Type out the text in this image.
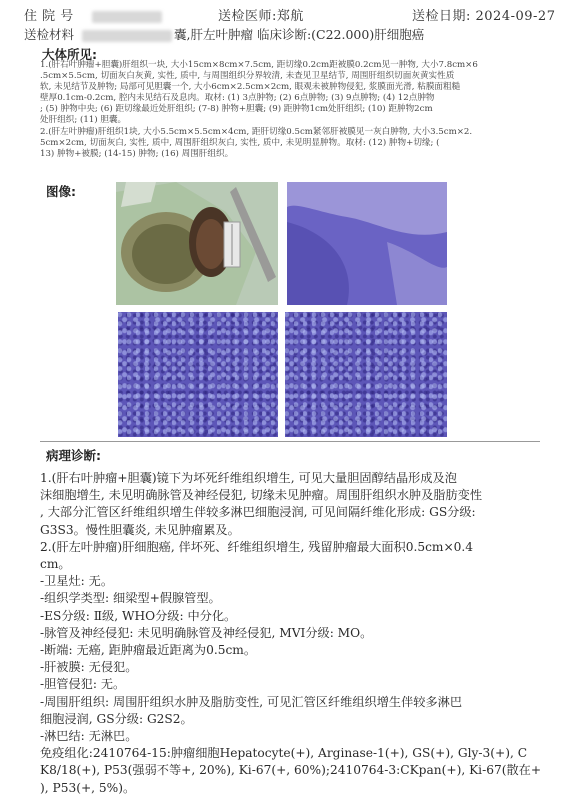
住 院 号	送检医师:郑航	送检日期: 2024-09-27
送检材料	囊,肝左叶肿瘤 临床诊断:(C22.000)肝细胞癌
大体所见:

1.(肝右叶肿瘤+胆囊)肝组织一块, 大小15cm×8cm×7.5cm, 距切缘0.2cm距被膜0.2cm见一肿物, 大小7.8cm×6

.5cm×5.5cm, 切面灰白灰黄, 实性, 质中, 与周围组织分界较清, 未查见卫星结节, 周围肝组织切面灰黄实性质

软, 未见结节及肿物; 局部可见胆囊一个, 大小6cm×2.5cm×2cm, 眼观未被肿物侵犯, 浆膜面光滑, 粘膜面粗糙

壁厚0.1cm-0.2cm, 腔内未见结石及息肉。取材: (1) 3点肿物; (2) 6点肿物; (3) 9点肿物; (4) 12点肿物

; (5) 肿物中央; (6) 距切缘最近处肝组织; (7-8) 肿物+胆囊; (9) 距肿物1cm处肝组织; (10) 距肿物2cm

处肝组织; (11) 胆囊。

2.(肝左叶肿瘤)肝组织1块, 大小5.5cm×5.5cm×4cm, 距肝切缘0.5cm紧邻肝被膜见一灰白肿物, 大小3.5cm×2.

5cm×2cm, 切面灰白, 实性, 质中, 周围肝组织灰白, 实性, 质中, 未见明显肿物。取材: (12) 肿物+切缘; (

13) 肿物+被膜; (14-15) 肿物; (16) 周围肝组织。

图像:
病理诊断:

1.(肝右叶肿瘤+胆囊)镜下为坏死纤维组织增生, 可见大量胆固醇结晶形成及泡

沫细胞增生, 未见明确脉管及神经侵犯, 切缘未见肿瘤。周围肝组织水肿及脂肪变性

, 大部分汇管区纤维组织增生伴较多淋巴细胞浸润, 可见间隔纤维化形成: GS分级:

G3S3。慢性胆囊炎, 未见肿瘤累及。

2.(肝左叶肿瘤)肝细胞癌, 伴坏死、纤维组织增生, 残留肿瘤最大面积0.5cm×0.4

cm。

-卫星灶: 无。

-组织学类型: 细梁型+假腺管型。

-ES分级: Ⅱ级, WHO分级: 中分化。

-脉管及神经侵犯: 未见明确脉管及神经侵犯, MVI分级: MO。

-断端: 无癌, 距肿瘤最近距离为0.5cm。

-肝被膜: 无侵犯。

-胆管侵犯: 无。

-周围肝组织: 周围肝组织水肿及脂肪变性, 可见汇管区纤维组织增生伴较多淋巴

细胞浸润, GS分级: G2S2。

-淋巴结: 无淋巴。

免疫组化:2410764-15:肿瘤细胞Hepatocyte(+), Arginase-1(+), GS(+), Gly-3(+), C

K8/18(+), P53(强弱不等+, 20%), Ki-67(+, 60%);2410764-3:CKpan(+), Ki-67(散在+

), P53(+, 5%)。
